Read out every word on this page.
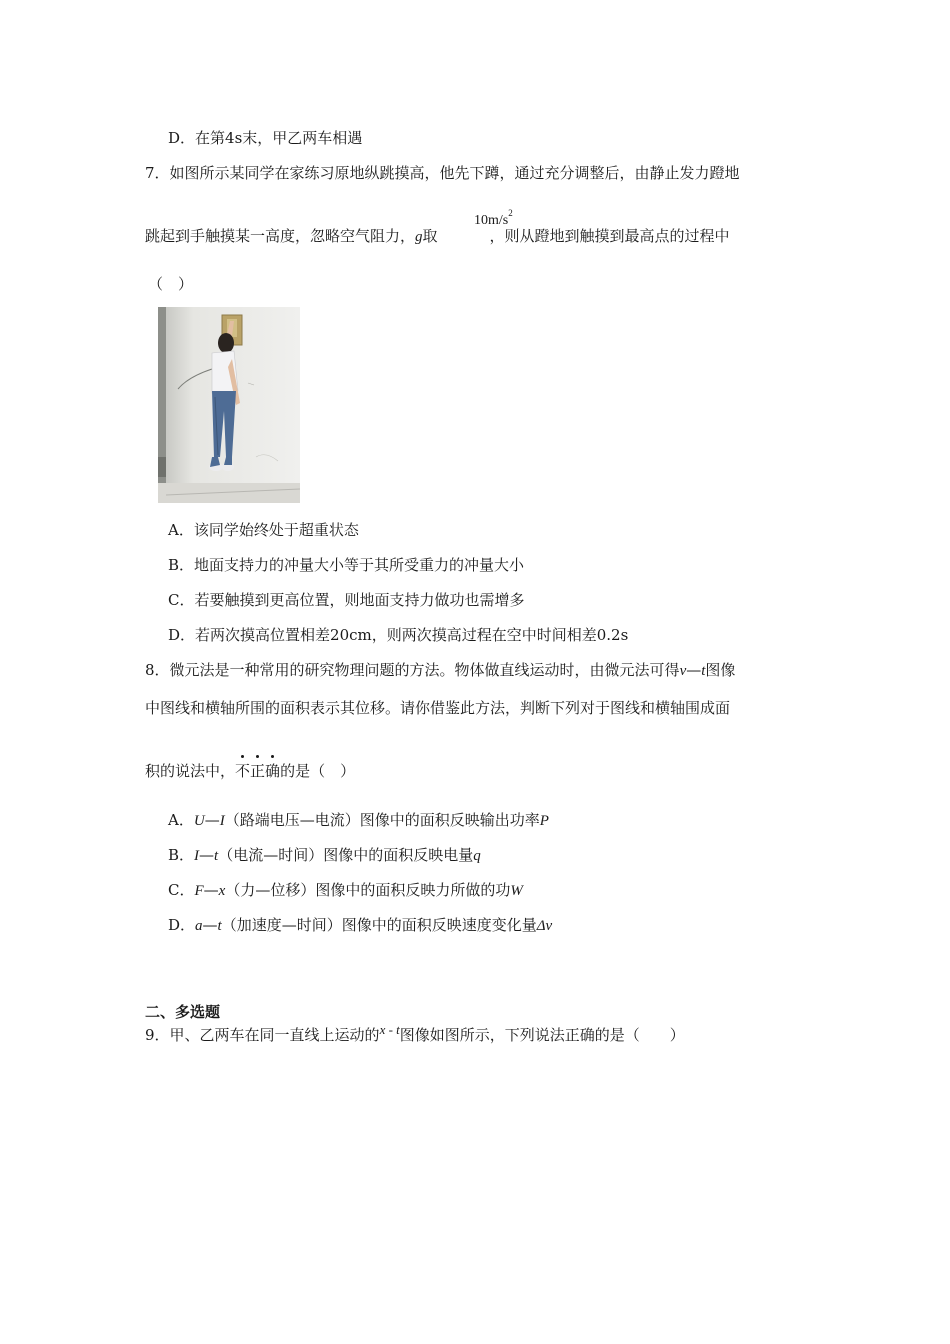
D．在第4s末，甲乙两车相遇
7．如图所示某同学在家练习原地纵跳摸高，他先下蹲，通过充分调整后，由静止发力蹬地
$10m/s^2$
跳起到手触摸某一高度，忽略空气阻力，g取	，则从蹬地到触摸到最高点的过程中
（　）
A．该同学始终处于超重状态
B．地面支持力的冲量大小等于其所受重力的冲量大小
C．若要触摸到更高位置，则地面支持力做功也需增多
D．若两次摸高位置相差20cm，则两次摸高过程在空中时间相差0.2s
8．微元法是一种常用的研究物理问题的方法。物体做直线运动时，由微元法可得v—t图像
中图线和横轴所围的面积表示其位移。请你借鉴此方法，判断下列对于图线和横轴围成面
积的说法中，不正确的是（　）
A．U—I（路端电压—电流）图像中的面积反映输出功率P
B．I—t（电流—时间）图像中的面积反映电量q
C．F—x（力—位移）图像中的面积反映力所做的功W
D．a—t（加速度—时间）图像中的面积反映速度变化量Δv
二、多选题
9．甲、乙两车在同一直线上运动的x - t图像如图所示，下列说法正确的是（　　）
